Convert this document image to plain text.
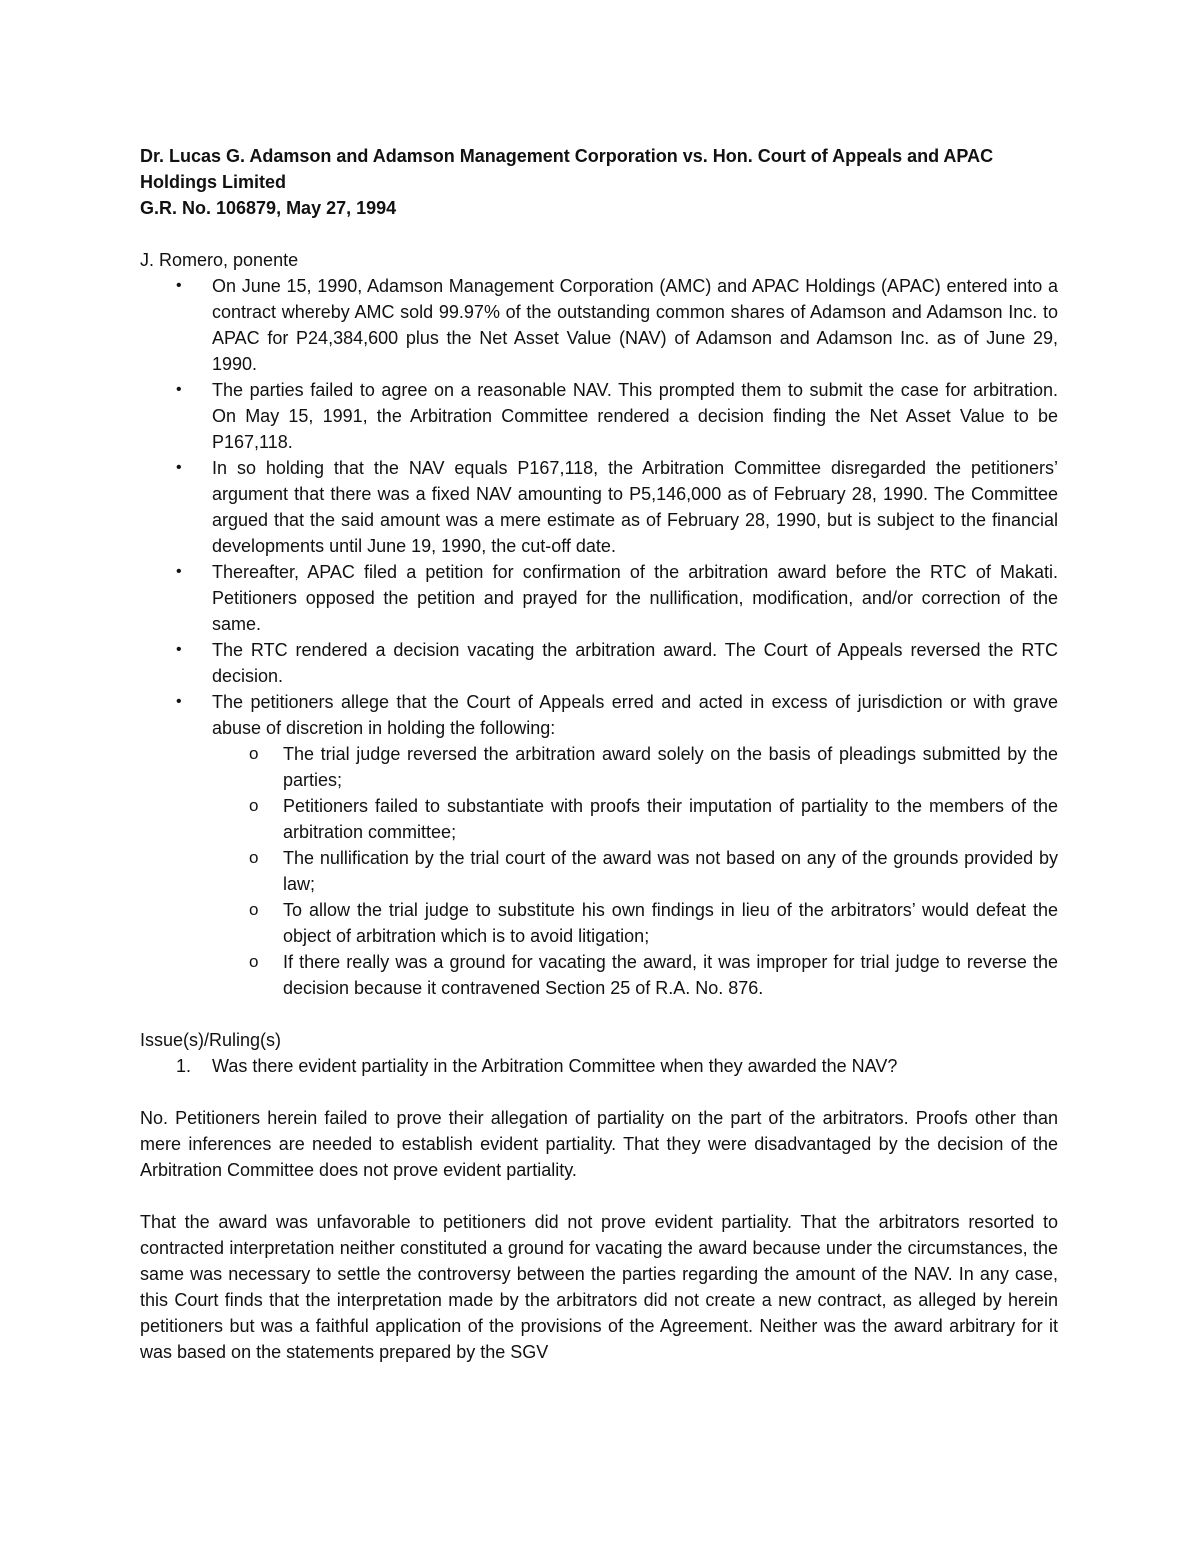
Dr. Lucas G. Adamson and Adamson Management Corporation vs. Hon. Court of Appeals and APAC

Holdings Limited

G.R. No. 106879, May 27, 1994

J. Romero, ponente

•	On June 15, 1990, Adamson Management Corporation (AMC) and APAC Holdings (APAC) entered into a contract whereby AMC sold 99.97% of the outstanding common shares of Adamson and Adamson Inc. to APAC for P24,384,600 plus the Net Asset Value (NAV) of Adamson and Adamson Inc. as of June 29, 1990.
•	The parties failed to agree on a reasonable NAV. This prompted them to submit the case for arbitration. On May 15, 1991, the Arbitration Committee rendered a decision finding the Net Asset Value to be P167,118.
•	In so holding that the NAV equals P167,118, the Arbitration Committee disregarded the petitioners’ argument that there was a fixed NAV amounting to P5,146,000 as of February 28, 1990. The Committee argued that the said amount was a mere estimate as of February 28, 1990, but is subject to the financial developments until June 19, 1990, the cut-off date.
•	Thereafter, APAC filed a petition for confirmation of the arbitration award before the RTC of Makati. Petitioners opposed the petition and prayed for the nullification, modification, and/or correction of the same.
•	The RTC rendered a decision vacating the arbitration award. The Court of Appeals reversed the RTC decision.
•	The petitioners allege that the Court of Appeals erred and acted in excess of jurisdiction or with grave abuse of discretion in holding the following:
o The trial judge reversed the arbitration award solely on the basis of pleadings submitted by the parties;
o Petitioners failed to substantiate with proofs their imputation of partiality to the members of the arbitration committee;
o The nullification by the trial court of the award was not based on any of the grounds provided by law;
o To allow the trial judge to substitute his own findings in lieu of the arbitrators’ would defeat the object of arbitration which is to avoid litigation;
o If there really was a ground for vacating the award, it was improper for trial judge to reverse the decision because it contravened Section 25 of R.A. No. 876.

Issue(s)/Ruling(s)

1. Was there evident partiality in the Arbitration Committee when they awarded the NAV?

No. Petitioners herein failed to prove their allegation of partiality on the part of the arbitrators. Proofs other than mere inferences are needed to establish evident partiality. That they were disadvantaged by the decision of the Arbitration Committee does not prove evident partiality.

That the award was unfavorable to petitioners did not prove evident partiality. That the arbitrators resorted to contracted interpretation neither constituted a ground for vacating the award because under the circumstances, the same was necessary to settle the controversy between the parties regarding the amount of the NAV. In any case, this Court finds that the interpretation made by the arbitrators did not create a new contract, as alleged by herein petitioners but was a faithful application of the provisions of the Agreement. Neither was the award arbitrary for it was based on the statements prepared by the SGV
